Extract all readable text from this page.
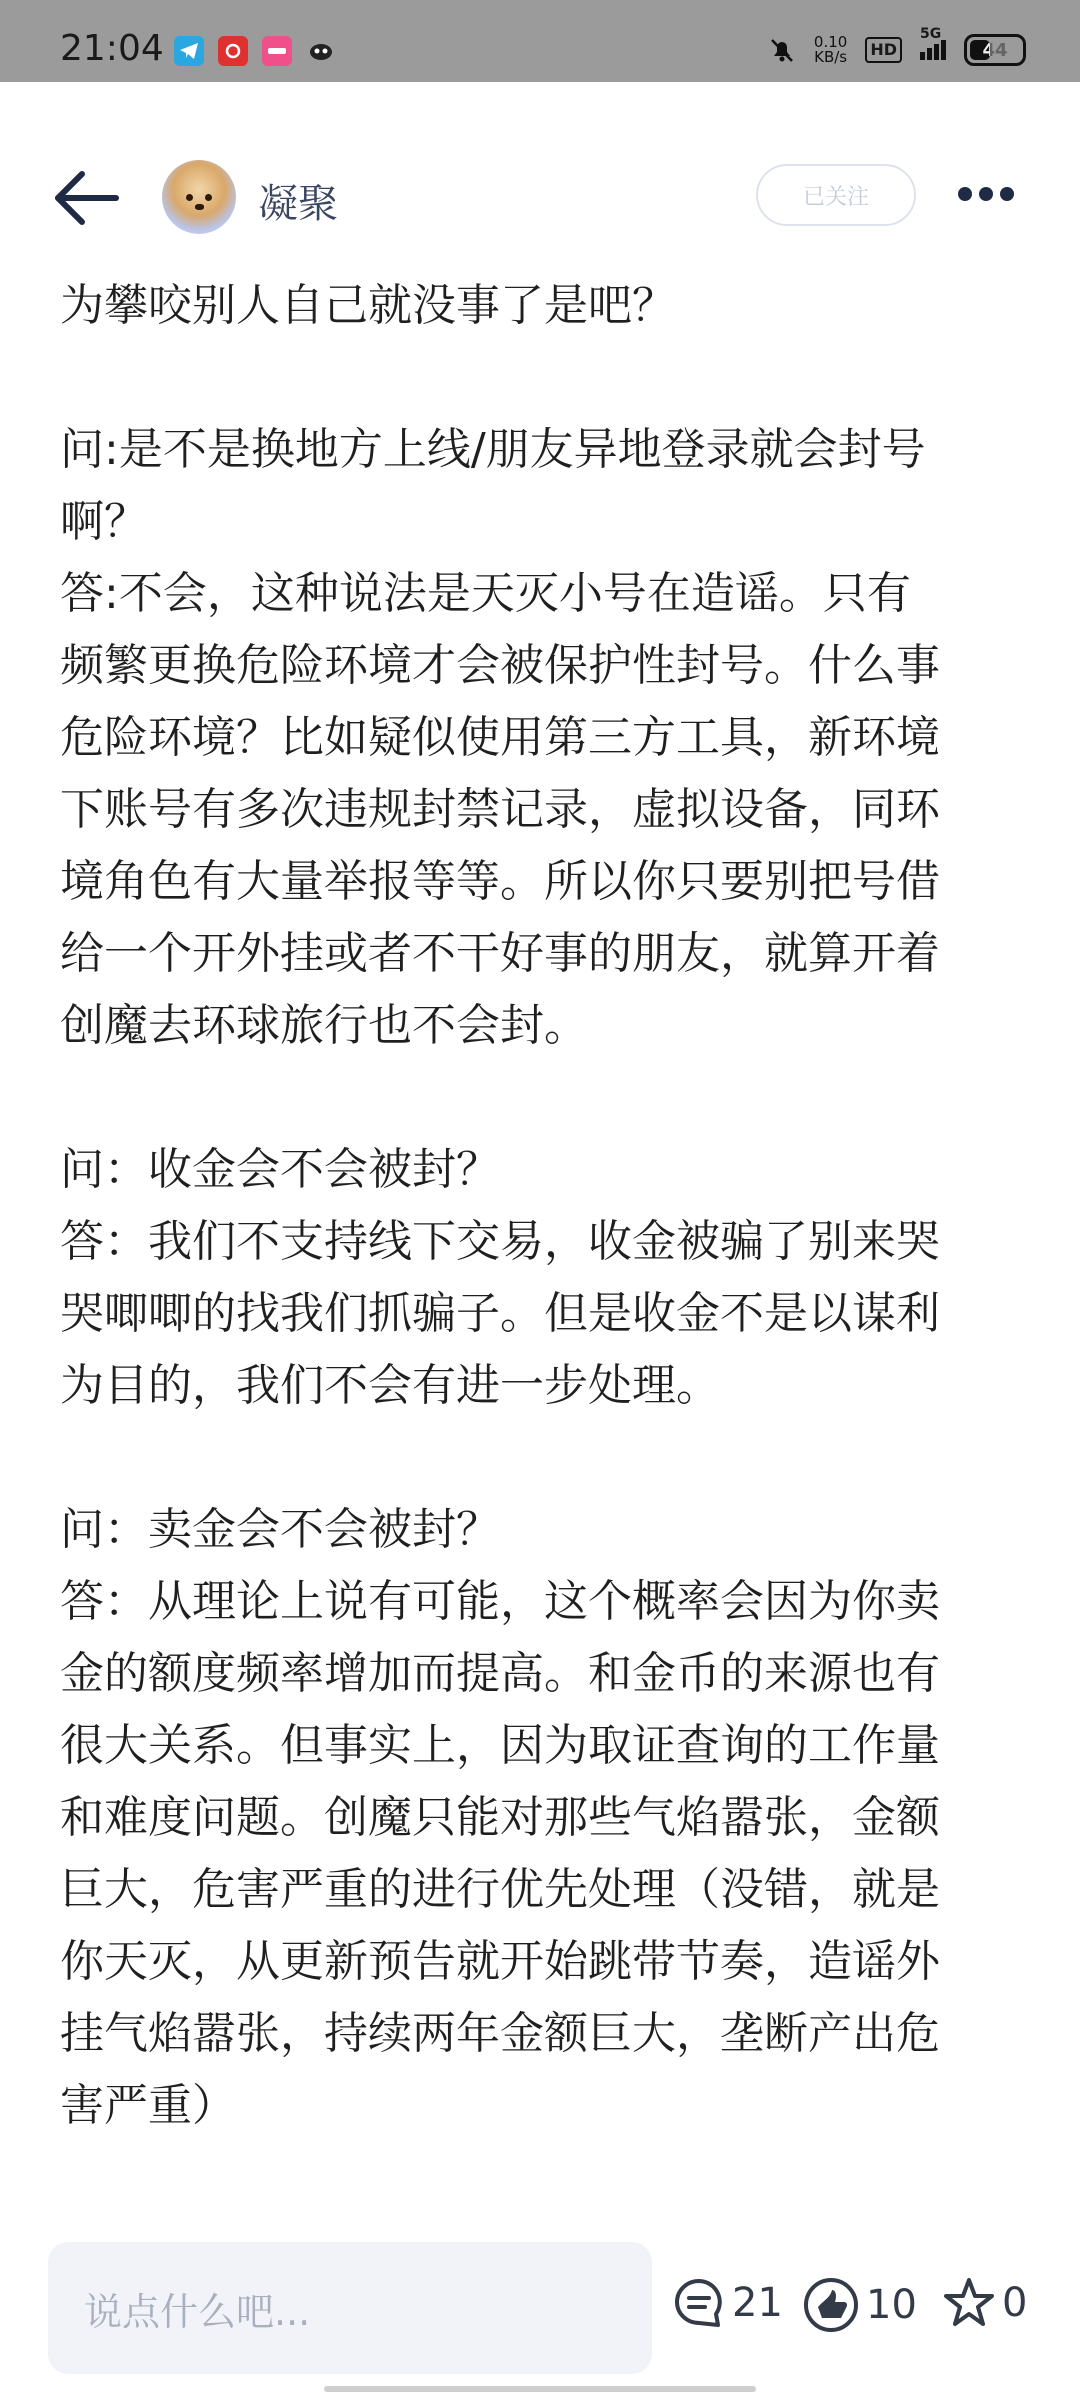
21:04	0.10
KB/s	HD
5G
44
凝聚	已关注

为攀咬别人自己就没事了是吧？

问:是不是换地方上线/朋友异地登录就会封号
啊？
答:不会，这种说法是天灭小号在造谣。只有
频繁更换危险环境才会被保护性封号。什么事
危险环境？比如疑似使用第三方工具，新环境
下账号有多次违规封禁记录，虚拟设备，同环
境角色有大量举报等等。所以你只要别把号借
给一个开外挂或者不干好事的朋友，就算开着
创魔去环球旅行也不会封。

问：收金会不会被封？
答：我们不支持线下交易，收金被骗了别来哭
哭唧唧的找我们抓骗子。但是收金不是以谋利
为目的，我们不会有进一步处理。

问：卖金会不会被封？
答：从理论上说有可能，这个概率会因为你卖
金的额度频率增加而提高。和金币的来源也有
很大关系。但事实上，因为取证查询的工作量
和难度问题。创魔只能对那些气焰嚣张，金额
巨大，危害严重的进行优先处理（没错，就是
你天灭，从更新预告就开始跳带节奏，造谣外
挂气焰嚣张，持续两年金额巨大，垄断产出危
害严重）

说点什么吧...	21 10 0
